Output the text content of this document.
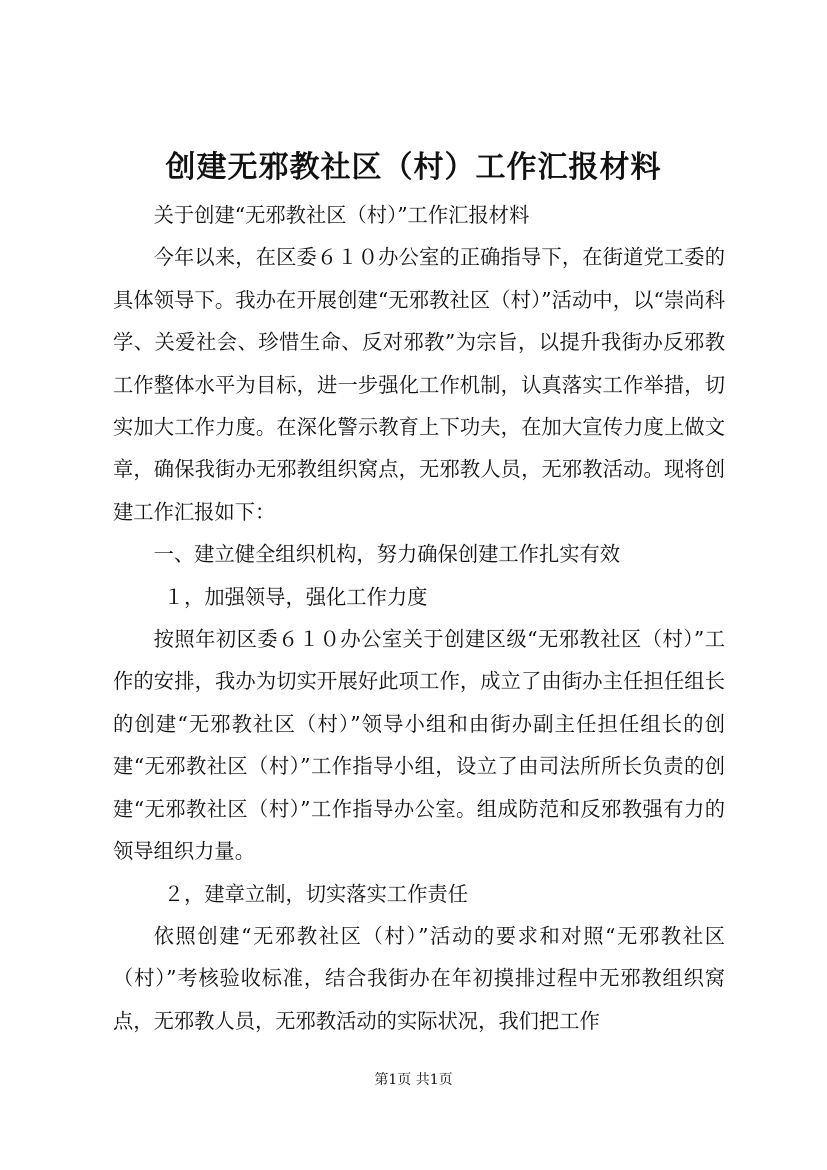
创建无邪教社区（村）工作汇报材料

关于创建“无邪教社区（村）”工作汇报材料

今年以来，在区委６１０办公室的正确指导下，在街道党工委的具体领导下。我办在开展创建“无邪教社区（村）”活动中，以“崇尚科学、关爱社会、珍惜生命、反对邪教”为宗旨，以提升我街办反邪教工作整体水平为目标，进一步强化工作机制，认真落实工作举措，切实加大工作力度。在深化警示教育上下功夫，在加大宣传力度上做文章，确保我街办无邪教组织窝点，无邪教人员，无邪教活动。现将创建工作汇报如下：

一、建立健全组织机构，努力确保创建工作扎实有效

１，加强领导，强化工作力度

按照年初区委６１０办公室关于创建区级“无邪教社区（村）”工作的安排，我办为切实开展好此项工作，成立了由街办主任担任组长的创建“无邪教社区（村）”领导小组和由街办副主任担任组长的创建“无邪教社区（村）”工作指导小组，设立了由司法所所长负责的创建“无邪教社区（村）”工作指导办公室。组成防范和反邪教强有力的领导组织力量。

２，建章立制，切实落实工作责任

依照创建“无邪教社区（村）”活动的要求和对照“无邪教社区（村）”考核验收标准，结合我街办在年初摸排过程中无邪教组织窝点，无邪教人员，无邪教活动的实际状况，我们把工作

第1页 共1页
